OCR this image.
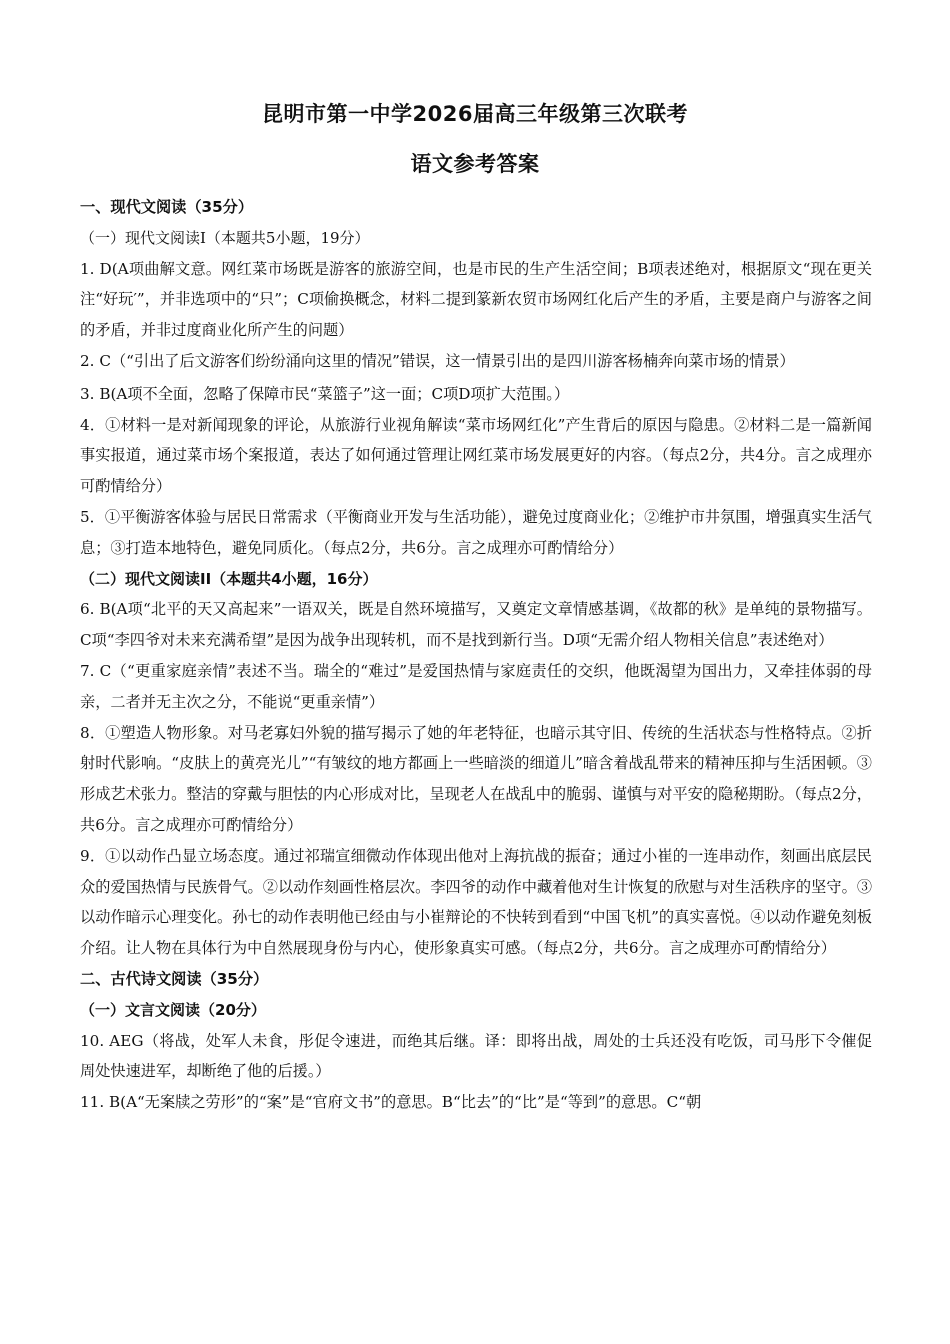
昆明市第一中学2026届高三年级第三次联考
语文参考答案

一、现代文阅读（35分）

（一）现代文阅读I（本题共5小题，19分）

1. D(A项曲解文意。网红菜市场既是游客的旅游空间，也是市民的生产生活空间；B项表述绝对，根据原文“现在更关注“好玩′”，并非选项中的“只”；C项偷换概念，材料二提到篆新农贸市场网红化后产生的矛盾，主要是商户与游客之间的矛盾，并非过度商业化所产生的问题）

2. C（“引出了后文游客们纷纷涌向这里的情况”错误，这一情景引出的是四川游客杨楠奔向菜市场的情景）

3. B(A项不全面，忽略了保障市民“菜篮子”这一面；C项D项扩大范围。）

4．①材料一是对新闻现象的评论，从旅游行业视角解读“菜市场网红化”产生背后的原因与隐患。②材料二是一篇新闻事实报道，通过菜市场个案报道，表达了如何通过管理让网红菜市场发展更好的内容。（每点2分，共4分。言之成理亦可酌情给分）

5．①平衡游客体验与居民日常需求（平衡商业开发与生活功能），避免过度商业化；②维护市井氛围，增强真实生活气息；③打造本地特色，避免同质化。（每点2分，共6分。言之成理亦可酌情给分）

（二）现代文阅读II（本题共4小题，16分）

6. B(A项“北平的天又高起来”一语双关，既是自然环境描写，又奠定文章情感基调，《故都的秋》是单纯的景物描写。C项“李四爷对未来充满希望”是因为战争出现转机，而不是找到新行当。D项“无需介绍人物相关信息”表述绝对）

7. C（“更重家庭亲情”表述不当。瑞全的“难过”是爱国热情与家庭责任的交织，他既渴望为国出力，又牵挂体弱的母亲，二者并无主次之分，不能说“更重亲情”）

8．①塑造人物形象。对马老寡妇外貌的描写揭示了她的年老特征，也暗示其守旧、传统的生活状态与性格特点。②折射时代影响。“皮肤上的黄亮光儿”“有皱纹的地方都画上一些暗淡的细道儿”暗含着战乱带来的精神压抑与生活困顿。③形成艺术张力。整洁的穿戴与胆怯的内心形成对比，呈现老人在战乱中的脆弱、谨慎与对平安的隐秘期盼。（每点2分，共6分。言之成理亦可酌情给分）

9．①以动作凸显立场态度。通过祁瑞宣细微动作体现出他对上海抗战的振奋；通过小崔的一连串动作，刻画出底层民众的爱国热情与民族骨气。②以动作刻画性格层次。李四爷的动作中藏着他对生计恢复的欣慰与对生活秩序的坚守。③以动作暗示心理变化。孙七的动作表明他已经由与小崔辩论的不快转到看到“中国飞机”的真实喜悦。④以动作避免刻板介绍。让人物在具体行为中自然展现身份与内心，使形象真实可感。（每点2分，共6分。言之成理亦可酌情给分）

二、古代诗文阅读（35分）

（一）文言文阅读（20分）

10. AEG（将战，处军人未食，彤促令速进，而绝其后继。译：即将出战，周处的士兵还没有吃饭，司马彤下令催促周处快速进军，却断绝了他的后援。）

11. B(A“无案牍之劳形”的“案”是“官府文书”的意思。B“比去”的“比”是“等到”的意思。C“朝
